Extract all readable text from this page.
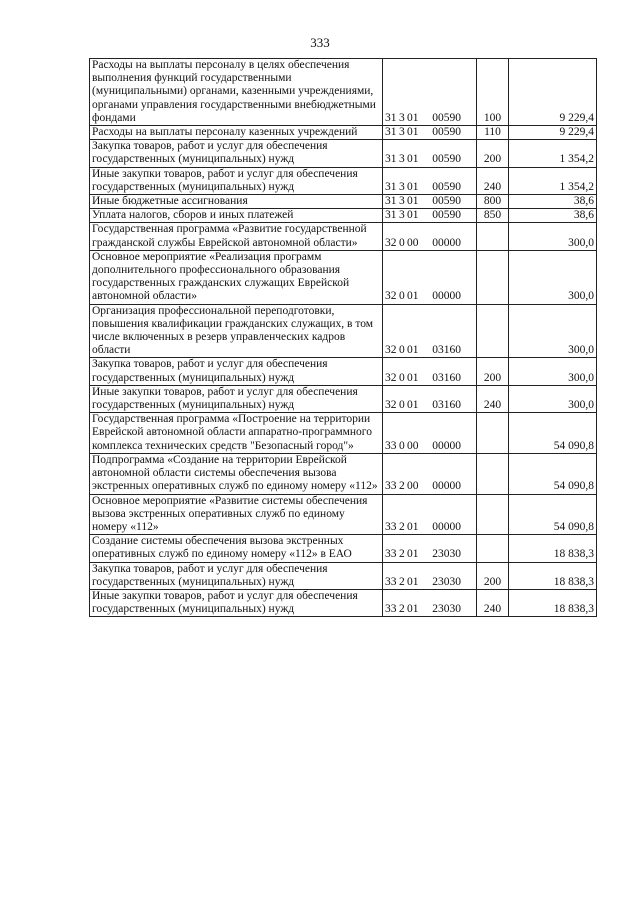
333
Расходы на выплаты персоналу в целях обеспечения выполнения функций государственными (муниципальными) органами, казенными учреждениями, органами управления государственными внебюджетными фондами	31 3 01 00590	100	9 229,4
Расходы на выплаты персоналу казенных учреждений	31 3 01 00590	110	9 229,4
Закупка товаров, работ и услуг для обеспечения государственных (муниципальных) нужд	31 3 01 00590	200	1 354,2
Иные закупки товаров, работ и услуг для обеспечения государственных (муниципальных) нужд	31 3 01 00590	240	1 354,2
Иные бюджетные ассигнования	31 3 01 00590	800	38,6
Уплата налогов, сборов и иных платежей	31 3 01 00590	850	38,6
Государственная программа «Развитие государственной гражданской службы Еврейской автономной области»	32 0 00 00000		300,0
Основное мероприятие «Реализация программ дополнительного профессионального образования государственных гражданских служащих Еврейской автономной области»	32 0 01 00000		300,0
Организация профессиональной переподготовки, повышения квалификации гражданских служащих, в том числе включенных в резерв управленческих кадров области	32 0 01 03160		300,0
Закупка товаров, работ и услуг для обеспечения государственных (муниципальных) нужд	32 0 01 03160	200	300,0
Иные закупки товаров, работ и услуг для обеспечения государственных (муниципальных) нужд	32 0 01 03160	240	300,0
Государственная программа «Построение на территории Еврейской автономной области аппаратно-программного комплекса технических средств "Безопасный город"»	33 0 00 00000		54 090,8
Подпрограмма «Создание на территории Еврейской автономной области системы обеспечения вызова экстренных оперативных служб по единому номеру «112»	33 2 00 00000		54 090,8
Основное мероприятие «Развитие системы обеспечения вызова экстренных оперативных служб по единому номеру «112»	33 2 01 00000		54 090,8
Создание системы обеспечения вызова экстренных оперативных служб по единому номеру «112» в ЕАО	33 2 01 23030		18 838,3
Закупка товаров, работ и услуг для обеспечения государственных (муниципальных) нужд	33 2 01 23030	200	18 838,3
Иные закупки товаров, работ и услуг для обеспечения государственных (муниципальных) нужд	33 2 01 23030	240	18 838,3
